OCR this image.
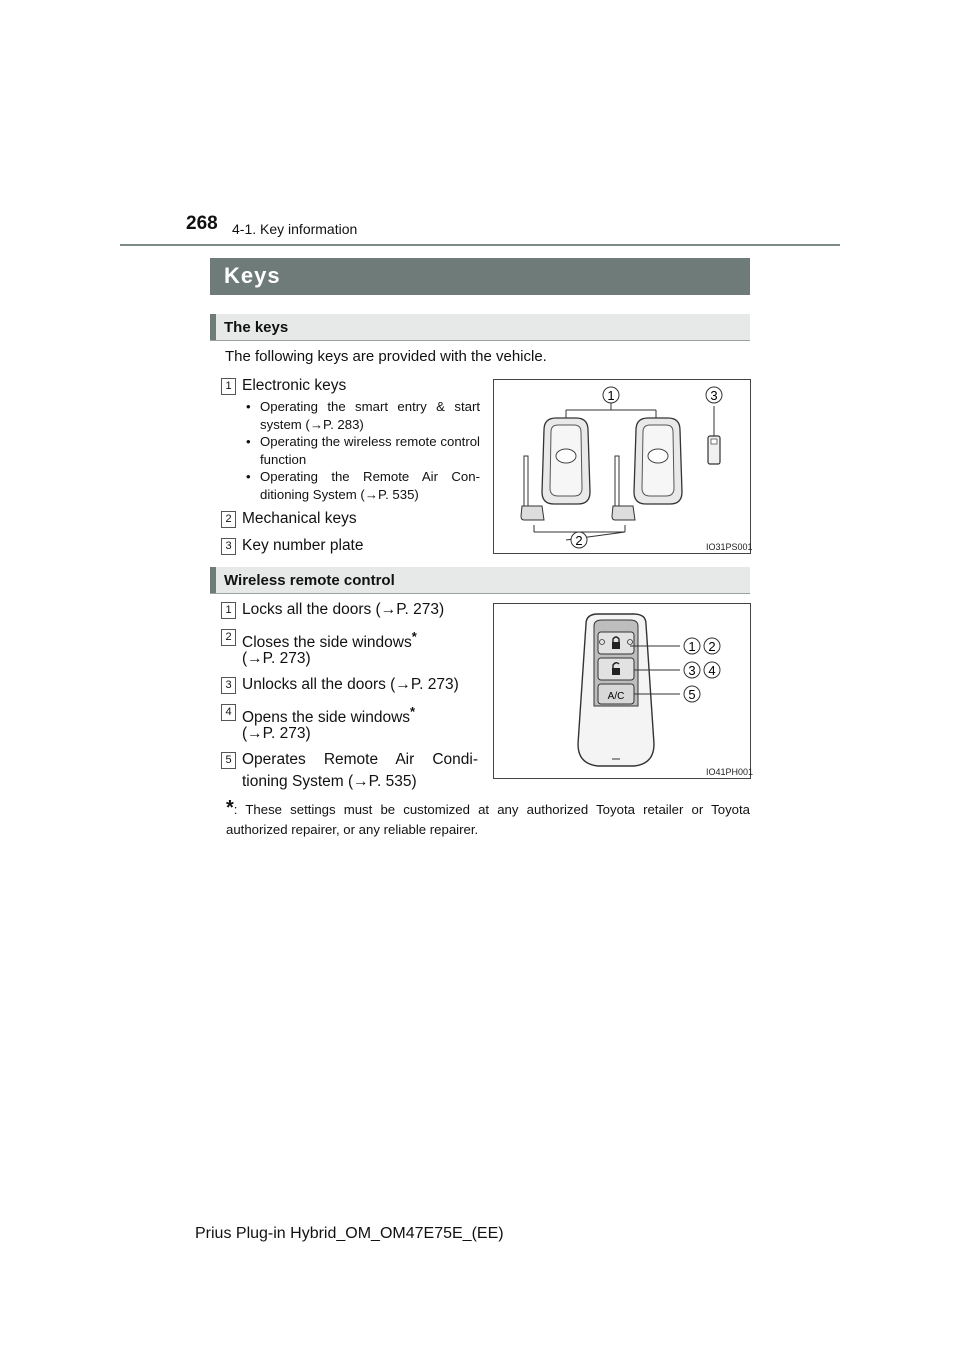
268 4-1. Key information
Keys
The keys
The following keys are provided with the vehicle.
1 Electronic keys
• Operating the smart entry & start system (→P. 283)
• Operating the wireless remote control function
• Operating the Remote Air Con-ditioning System (→P. 535)
2 Mechanical keys
3 Key number plate
1	3
2	IO31PS001
Wireless remote control
1 Locks all the doors (→P. 273)
2 Closes the side windows*
(→P. 273)
3 Unlocks all the doors (→P. 273)
4 Opens the side windows*
(→P. 273)
5 Operates Remote Air Condi-
tioning System (→P. 535)
A/C
1 2
3 4
5
IO41PH001
*: These settings must be customized at any authorized Toyota retailer or Toyota authorized repairer, or any reliable repairer.
Prius Plug-in Hybrid_OM_OM47E75E_(EE)
